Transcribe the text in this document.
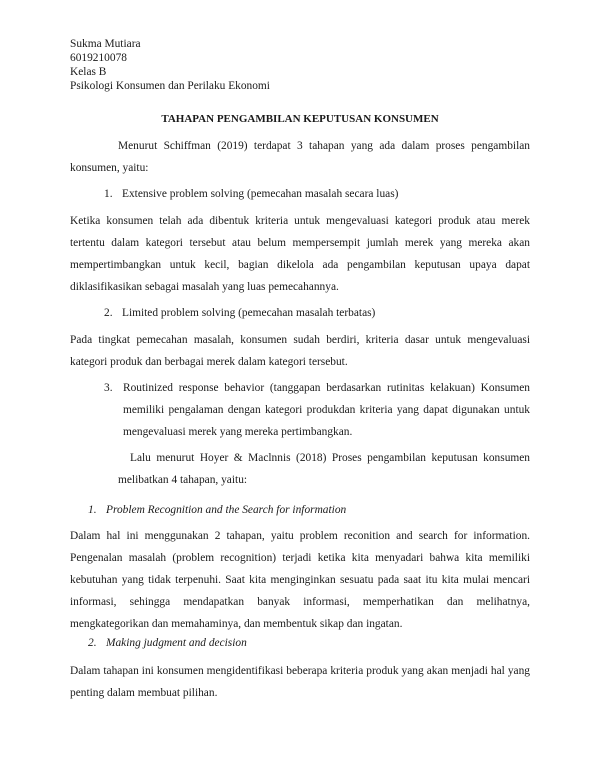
Sukma Mutiara
6019210078
Kelas B
Psikologi Konsumen dan Perilaku Ekonomi
TAHAPAN PENGAMBILAN KEPUTUSAN KONSUMEN
Menurut Schiffman (2019) terdapat 3 tahapan yang ada dalam proses pengambilan konsumen, yaitu:
1. Extensive problem solving (pemecahan masalah secara luas)
Ketika konsumen telah ada dibentuk kriteria untuk mengevaluasi kategori produk atau merek tertentu dalam kategori tersebut atau belum mempersempit jumlah merek yang mereka akan mempertimbangkan untuk kecil, bagian dikelola ada pengambilan keputusan upaya dapat diklasifikasikan sebagai masalah yang luas pemecahannya.
2. Limited problem solving (pemecahan masalah terbatas)
Pada tingkat pemecahan masalah, konsumen sudah berdiri, kriteria dasar untuk mengevaluasi kategori produk dan berbagai merek dalam kategori tersebut.
3. Routinized response behavior (tanggapan berdasarkan rutinitas kelakuan) Konsumen memiliki pengalaman dengan kategori produkdan kriteria yang dapat digunakan untuk mengevaluasi merek yang mereka pertimbangkan.
Lalu menurut Hoyer & Maclnnis (2018) Proses pengambilan keputusan konsumen melibatkan 4 tahapan, yaitu:
1. Problem Recognition and the Search for information
Dalam hal ini menggunakan 2 tahapan, yaitu problem reconition and search for information. Pengenalan masalah (problem recognition) terjadi ketika kita menyadari bahwa kita memiliki kebutuhan yang tidak terpenuhi. Saat kita menginginkan sesuatu pada saat itu kita mulai mencari informasi, sehingga mendapatkan banyak informasi, memperhatikan dan melihatnya, mengkategorikan dan memahaminya, dan membentuk sikap dan ingatan.
2. Making judgment and decision
Dalam tahapan ini konsumen mengidentifikasi beberapa kriteria produk yang akan menjadi hal yang penting dalam membuat pilihan.
